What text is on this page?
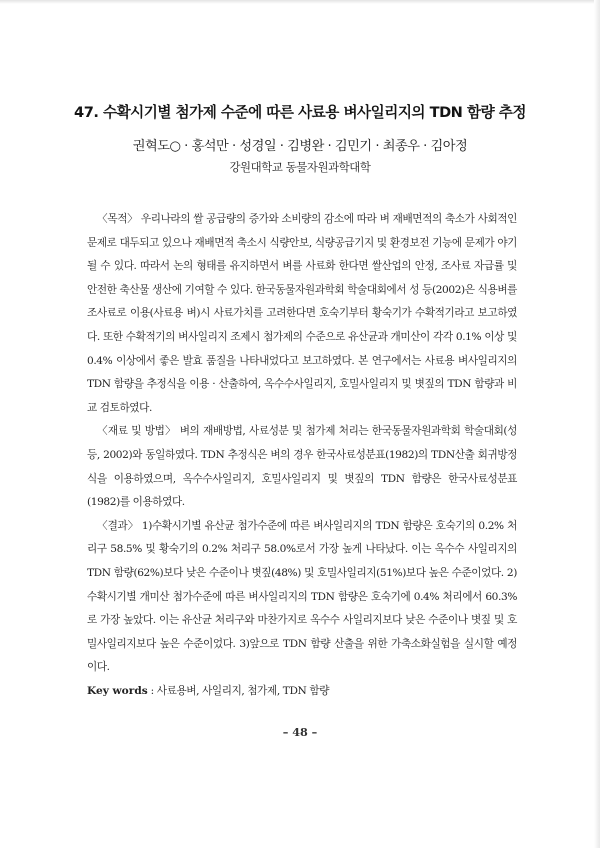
47. 수확시기별 첨가제 수준에 따른 사료용 벼사일리지의 TDN 함량 추정
권혁도○ · 홍석만 · 성경일 · 김병완 · 김민기 · 최종우 · 김아정
강원대학교 동물자원과학대학

〈목적〉 우리나라의 쌀 공급량의 증가와 소비량의 감소에 따라 벼 재배면적의 축소가 사회적인 문제로 대두되고 있으나 재배면적 축소시 식량안보, 식량공급기지 및 환경보전 기능에 문제가 야기될 수 있다. 따라서 논의 형태를 유지하면서 벼를 사료화 한다면 쌀산업의 안정, 조사료 자급률 및 안전한 축산물 생산에 기여할 수 있다. 한국동물자원과학회 학술대회에서 성 등(2002)은 식용벼를 조사료로 이용(사료용 벼)시 사료가치를 고려한다면 호숙기부터 황숙기가 수확적기라고 보고하였다. 또한 수확적기의 벼사일리지 조제시 첨가제의 수준으로 유산균과 개미산이 각각 0.1% 이상 및 0.4% 이상에서 좋은 발효 품질을 나타내었다고 보고하였다. 본 연구에서는 사료용 벼사일리지의 TDN 함량을 추정식을 이용 · 산출하여, 옥수수사일리지, 호밀사일리지 및 볏짚의 TDN 함량과 비교 검토하였다.

〈재료 및 방법〉 벼의 재배방법, 사료성분 및 첨가제 처리는 한국동물자원과학회 학술대회(성 등, 2002)와 동일하였다. TDN 추정식은 벼의 경우 한국사료성분표(1982)의 TDN산출 회귀방정식을 이용하였으며, 옥수수사일리지, 호밀사일리지 및 볏짚의 TDN 함량은 한국사료성분표(1982)를 이용하였다.

〈결과〉 1)수확시기별 유산균 첨가수준에 따른 벼사일리지의 TDN 함량은 호숙기의 0.2% 처리구 58.5% 및 황숙기의 0.2% 처리구 58.0%로서 가장 높게 나타났다. 이는 옥수수 사일리지의 TDN 함량(62%)보다 낮은 수준이나 볏짚(48%) 및 호밀사일리지(51%)보다 높은 수준이었다. 2)수확시기별 개미산 첨가수준에 따른 벼사일리지의 TDN 함량은 호숙기에 0.4% 처리에서 60.3%로 가장 높았다. 이는 유산균 처리구와 마찬가지로 옥수수 사일리지보다 낮은 수준이나 볏짚 및 호밀사일리지보다 높은 수준이었다. 3)앞으로 TDN 함량 산출을 위한 가축소화실험을 실시할 예정이다.

Key words : 사료용벼, 사일리지, 첨가제, TDN 함량

– 48 –
